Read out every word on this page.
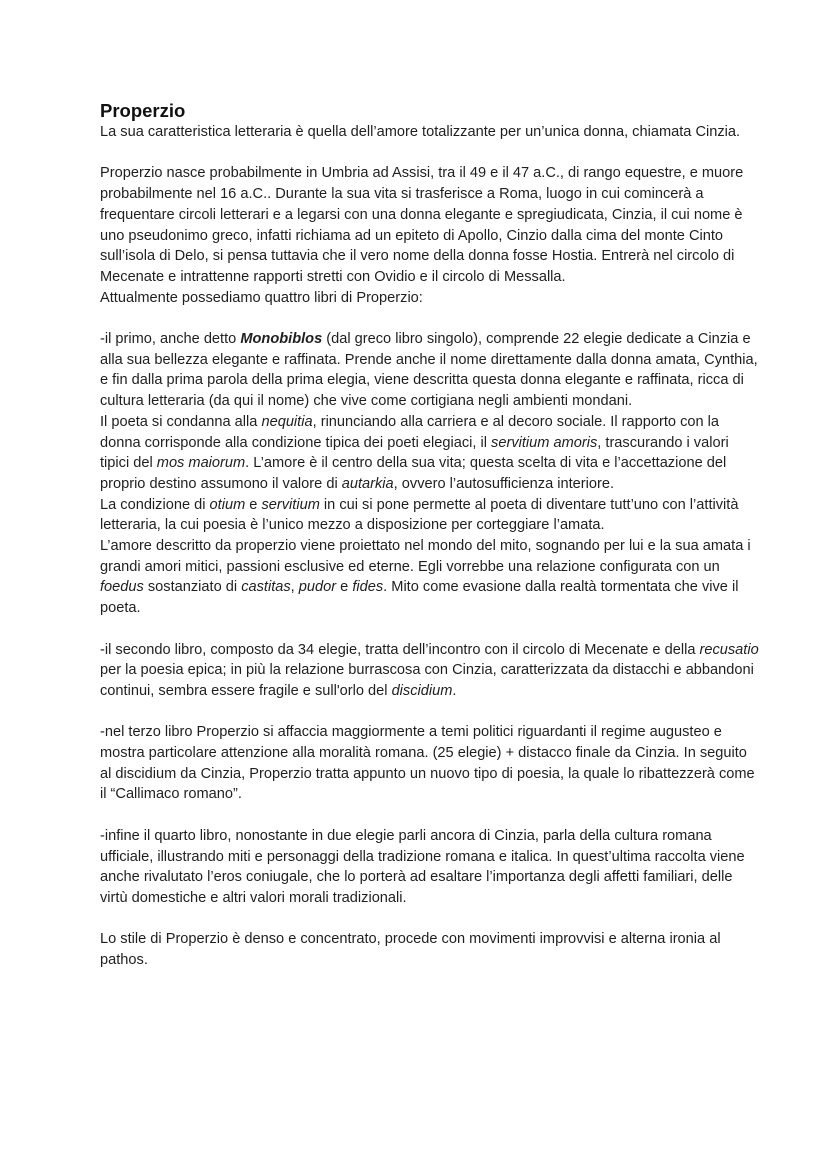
Properzio

La sua caratteristica letteraria è quella dell’amore totalizzante per un’unica donna, chiamata Cinzia.

Properzio nasce probabilmente in Umbria ad Assisi, tra il 49 e il 47 a.C., di rango equestre, e muore probabilmente nel 16 a.C.. Durante la sua vita si trasferisce a Roma, luogo in cui comincerà a frequentare circoli letterari e a legarsi con una donna elegante e spregiudicata, Cinzia, il cui nome è uno pseudonimo greco, infatti richiama ad un epiteto di Apollo, Cinzio dalla cima del monte Cinto sull’isola di Delo, si pensa tuttavia che il vero nome della donna fosse Hostia. Entrerà nel circolo di Mecenate e intrattenne rapporti stretti con Ovidio e il circolo di Messalla.

Attualmente possediamo quattro libri di Properzio:

-il primo, anche detto Monobiblos (dal greco libro singolo), comprende 22 elegie dedicate a Cinzia e alla sua bellezza elegante e raffinata. Prende anche il nome direttamente dalla donna amata, Cynthia, e fin dalla prima parola della prima elegia, viene descritta questa donna elegante e raffinata, ricca di cultura letteraria (da qui il nome) che vive come cortigiana negli ambienti mondani.

Il poeta si condanna alla nequitia, rinunciando alla carriera e al decoro sociale. Il rapporto con la donna corrisponde alla condizione tipica dei poeti elegiaci, il servitium amoris, trascurando i valori tipici del mos maiorum. L’amore è il centro della sua vita; questa scelta di vita e l’accettazione del proprio destino assumono il valore di autarkia, ovvero l’autosufficienza interiore.

La condizione di otium e servitium in cui si pone permette al poeta di diventare tutt’uno con l’attività letteraria, la cui poesia è l’unico mezzo a disposizione per corteggiare l’amata.

L’amore descritto da properzio viene proiettato nel mondo del mito, sognando per lui e la sua amata i grandi amori mitici, passioni esclusive ed eterne. Egli vorrebbe una relazione configurata con un foedus sostanziato di castitas, pudor e fides. Mito come evasione dalla realtà tormentata che vive il poeta.

-il secondo libro, composto da 34 elegie, tratta dell’incontro con il circolo di Mecenate e della recusatio per la poesia epica; in più la relazione burrascosa con Cinzia, caratterizzata da distacchi e abbandoni continui, sembra essere fragile e sull'orlo del discidium.

-nel terzo libro Properzio si affaccia maggiormente a temi politici riguardanti il regime augusteo e mostra particolare attenzione alla moralità romana. (25 elegie) + distacco finale da Cinzia. In seguito al discidium da Cinzia, Properzio tratta appunto un nuovo tipo di poesia, la quale lo ribattezzerà come il “Callimaco romano”.

-infine il quarto libro, nonostante in due elegie parli ancora di Cinzia, parla della cultura romana ufficiale, illustrando miti e personaggi della tradizione romana e italica. In quest’ultima raccolta viene anche rivalutato l’eros coniugale, che lo porterà ad esaltare l’importanza degli affetti familiari, delle virtù domestiche e altri valori morali tradizionali.

Lo stile di Properzio è denso e concentrato, procede con movimenti improvvisi e alterna ironia al pathos.
